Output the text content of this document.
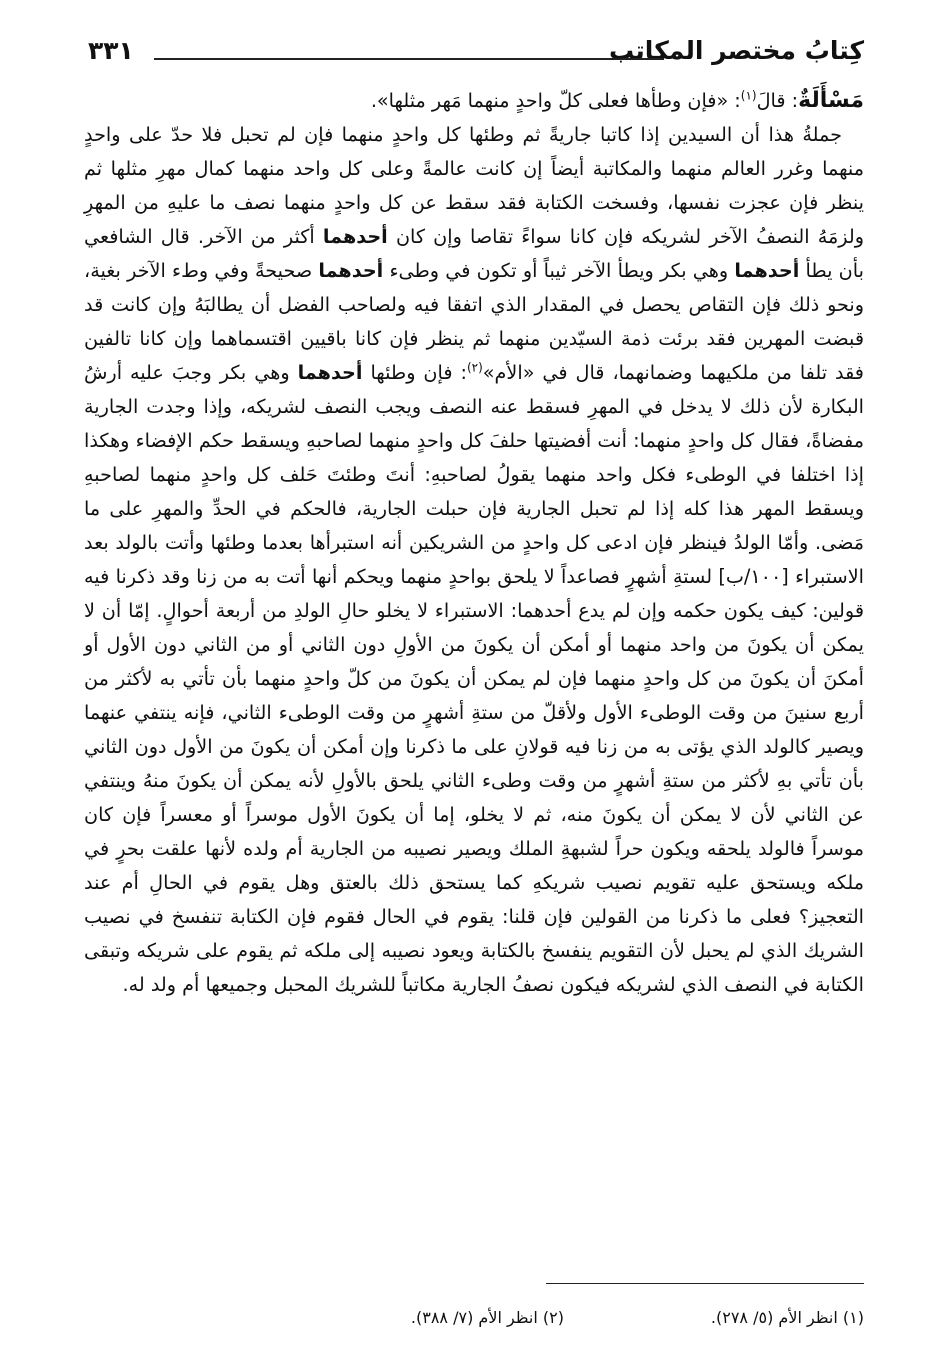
كِتابُ مختصر المكاتب
٣٣١

مَسْأَلَةٌ: قالَ$^{(١)}$: «فإن وطأها فعلى كلّ واحدٍ منهما مَهر مثلها».

جملةُ هذا أن السيدين إذا كاتبا جاريةً ثم وطئها كل واحدٍ منهما فإن لم تحبل فلا حدّ على واحدٍ منهما وغرر العالم منهما والمكاتبة أيضاً إن كانت عالمةً وعلى كل واحد منهما كمال مهرِ مثلها ثم ينظر فإن عجزت نفسها، وفسخت الكتابة فقد سقط عن كل واحدٍ منهما نصف ما عليهِ من المهرِ ولزمَهُ النصفُ الآخر لشريكه فإن كانا سواءً تقاصا وإن كان أحدهما أكثر من الآخر. قال الشافعي بأن يطأ أحدهما وهي بكر ويطأ الآخر ثيباً أو تكون في وطىء أحدهما صحيحةً وفي وطء الآخر بغية، ونحو ذلك فإن التقاص يحصل في المقدار الذي اتفقا فيه ولصاحب الفضل أن يطالبَهُ وإن كانت قد قبضت المهرين فقد برئت ذمة السيّدين منهما ثم ينظر فإن كانا باقيين اقتسماهما وإن كانا تالفين فقد تلفا من ملكيهما وضمانهما، قال في «الأم»$^{(٢)}$: فإن وطئها أحدهما وهي بكر وجبَ عليه أرشُ البكارة لأن ذلك لا يدخل في المهرِ فسقط عنه النصف ويجب النصف لشريكه، وإذا وجدت الجارية مفضاةً، فقال كل واحدٍ منهما: أنت أفضيتها حلفَ كل واحدٍ منهما لصاحبهِ ويسقط حكم الإفضاء وهكذا إذا اختلفا في الوطىء فكل واحد منهما يقولُ لصاحبهِ: أنتَ وطئتَ حَلف كل واحدٍ منهما لصاحبهِ ويسقط المهر هذا كله إذا لم تحبل الجارية فإن حبلت الجارية، فالحكم في الحدِّ والمهرِ على ما مَضى. وأمّا الولدُ فينظر فإن ادعى كل واحدٍ من الشريكين أنه استبرأها بعدما وطئها وأتت بالولد بعد الاستبراء [١٠٠/ب] لستةِ أشهرٍ فصاعداً لا يلحق بواحدٍ منهما ويحكم أنها أتت به من زنا وقد ذكرنا فيه قولين: كيف يكون حكمه وإن لم يدع أحدهما: الاستبراء لا يخلو حالِ الولدِ من أربعة أحوالٍ. إمّا أن لا يمكن أن يكونَ من واحد منهما أو أمكن أن يكونَ من الأولِ دون الثاني أو من الثاني دون الأول أو أمكنَ أن يكونَ من كل واحدٍ منهما فإن لم يمكن أن يكونَ من كلّ واحدٍ منهما بأن تأتي به لأكثر من أربع سنينَ من وقت الوطىء الأول ولأقلّ من ستةِ أشهرٍ من وقت الوطىء الثاني، فإنه ينتفي عنهما ويصير كالولد الذي يؤتى به من زنا فيه قولانِ على ما ذكرنا وإن أمكن أن يكونَ من الأول دون الثاني بأن تأتي بهِ لأكثر من ستةِ أشهرٍ من وقت وطىء الثاني يلحق بالأولِ لأنه يمكن أن يكونَ منهُ وينتفي عن الثاني لأن لا يمكن أن يكونَ منه، ثم لا يخلو، إما أن يكونَ الأول موسراً أو معسراً فإن كان موسراً فالولد يلحقه ويكون حراً لشبهةِ الملك ويصير نصيبه من الجارية أم ولده لأنها علقت بحرٍ في ملكه ويستحق عليه تقويم نصيب شريكهِ كما يستحق ذلك بالعتق وهل يقوم في الحالِ أم عند التعجيز؟ فعلى ما ذكرنا من القولين فإن قلنا: يقوم في الحال فقوم فإن الكتابة تنفسخ في نصيب الشريك الذي لم يحبل لأن التقويم ينفسخ بالكتابة ويعود نصيبه إلى ملكه ثم يقوم على شريكه وتبقى الكتابة في النصف الذي لشريكه فيكون نصفُ الجارية مكاتباً للشريك المحبل وجميعها أم ولد له.

(١) انظر الأم (٥/ ٢٧٨).
(٢) انظر الأم (٧/ ٣٨٨).
